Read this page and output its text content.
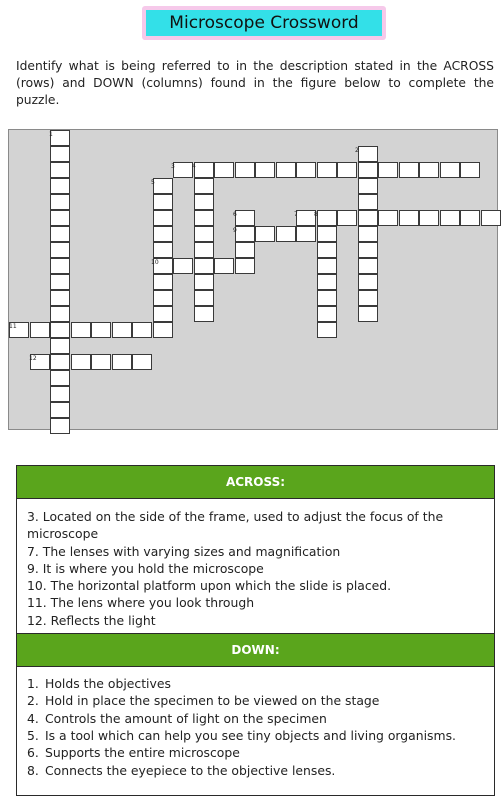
Microscope Crossword
Identify what is being referred to in the description stated in the ACROSS (rows) and DOWN (columns) found in the figure below to complete the puzzle.
1
2
3	4
5
6	7	8
9
10
11
12
ACROSS:
3. Located on the side of the frame, used to adjust the focus of the microscope
7. The lenses with varying sizes and magnification
9. It is where you hold the microscope
10. The horizontal platform upon which the slide is placed.
11. The lens where you look through
12. Reflects the light
DOWN:
1. Holds the objectives
2. Hold in place the specimen to be viewed on the stage
4. Controls the amount of light on the specimen
5. Is a tool which can help you see tiny objects and living organisms.
6. Supports the entire microscope
8. Connects the eyepiece to the objective lenses.
